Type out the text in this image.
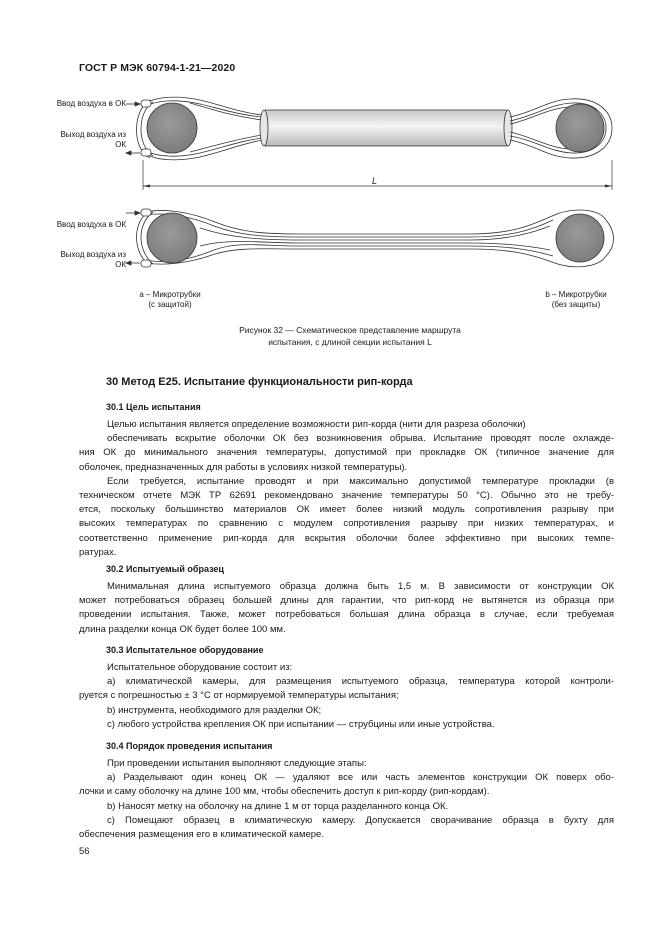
ГОСТ Р МЭК 60794-1-21—2020
Ввод воздуха в ОК
Выход воздуха из ОК
L
Ввод воздуха в ОК
Выход воздуха из ОК
a – Микротрубки
(с защитой)
b – Микротрубки
(без защиты)
Рисунок 32 — Схематическое представление маршрута
испытания, с длиной секции испытания L
30 Метод Е25. Испытание функциональности рип-корда
30.1 Цель испытания
Целью испытания является определение возможности рип-корда (нити для разреза оболочки)
обеспечивать вскрытие оболочки ОК без возникновения обрыва. Испытание проводят после охлажде-
ния ОК до минимального значения температуры, допустимой при прокладке ОК (типичное значение для
оболочек, предназначенных для работы в условиях низкой температуры).
Если требуется, испытание проводят и при максимально допустимой температуре прокладки (в
техническом отчете МЭК ТР 62691 рекомендовано значение температуры 50 °С). Обычно это не требу-
ется, поскольку большинство материалов ОК имеет более низкий модуль сопротивления разрыву при
высоких температурах по сравнению с модулем сопротивления разрыву при низких температурах, и
соответственно применение рип-корда для вскрытия оболочки более эффективно при высоких темпе-
ратурах.
30.2 Испытуемый образец
Минимальная длина испытуемого образца должна быть 1,5 м. В зависимости от конструкции ОК
может потребоваться образец большей длины для гарантии, что рип-корд не вытянется из образца при
проведении испытания. Также, может потребоваться большая длина образца в случае, если требуемая
длина разделки конца ОК будет более 100 мм.
30.3 Испытательное оборудование
Испытательное оборудование состоит из:
а) климатической камеры, для размещения испытуемого образца, температура которой контроли-
руется с погрешностью ± 3 °С от нормируемой температуры испытания;
b) инструмента, необходимого для разделки ОК;
с) любого устройства крепления ОК при испытании — струбцины или иные устройства.
30.4 Порядок проведения испытания
При проведении испытания выполняют следующие этапы:
а) Разделывают один конец ОК — удаляют все или часть элементов конструкции ОК поверх обо-
лочки и саму оболочку на длине 100 мм, чтобы обеспечить доступ к рип-корду (рип-кордам).
b) Наносят метку на оболочку на длине 1 м от торца разделанного конца ОК.
с) Помещают образец в климатическую камеру. Допускается сворачивание образца в бухту для
обеспечения размещения его в климатической камере.
56
